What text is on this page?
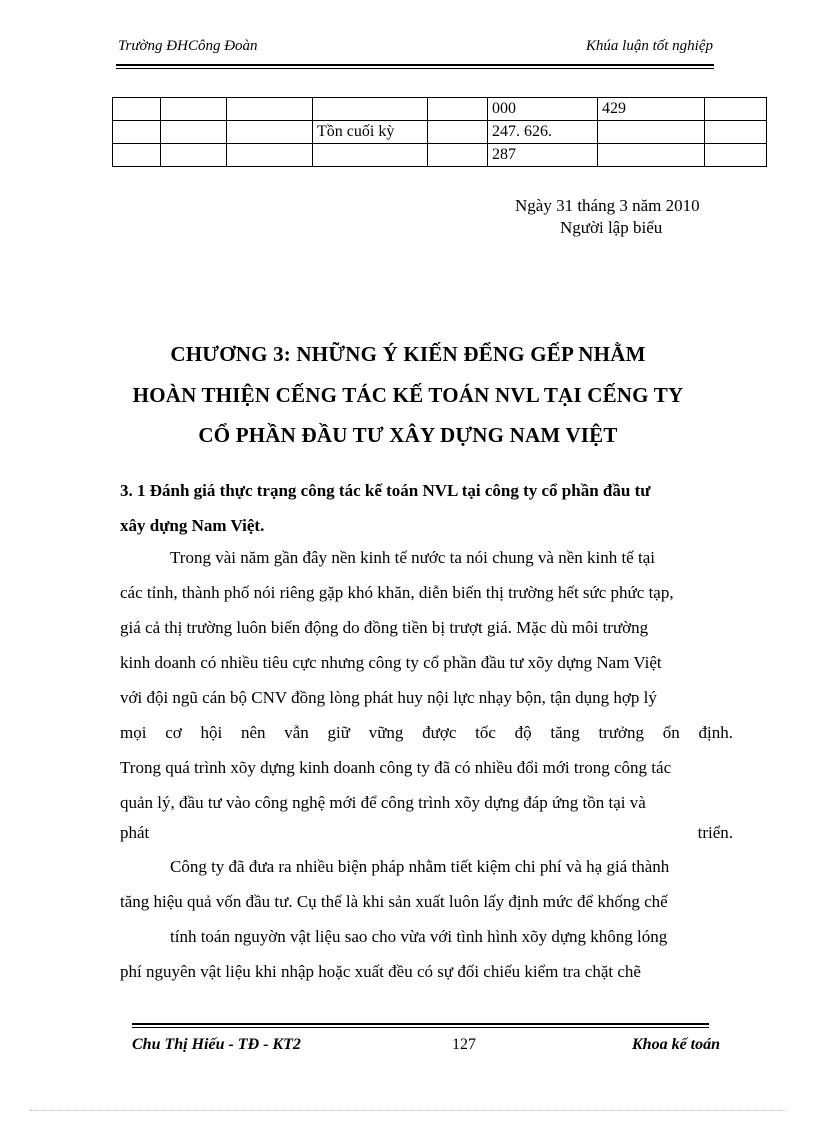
Trường ĐHCông Đoàn	Khúa luận tốt nghiệp
					000	429	
			Tồn cuối kỳ		247. 626.		
					287		
Ngày 31 tháng 3 năm 2010
Người lập biểu
CHƯƠNG 3: NHỮNG Ý KIẾN ĐỂNG GẾP NHẰM
HOÀN THIỆN CẾNG TÁC KẾ TOÁN NVL TẠI CẾNG TY
CỔ PHẦN ĐẦU TƯ XÂY DỰNG NAM VIỆT
3. 1 Đánh giá thực trạng công tác kế toán NVL tại công ty cổ phần đầu tư
xây dựng Nam Việt.
Trong vài năm gần đây nền kinh tế nước ta nói chung và nền kinh tế tại
các tỉnh, thành phố nói riêng gặp khó khăn, diễn biến thị trường hết sức phức tạp,
giá cả thị trường luôn biến động do đồng tiền bị trượt giá. Mặc dù môi trường
kinh doanh có nhiều tiêu cực nhưng công ty cổ phần đầu tư xõy dựng Nam Việt
với đội ngũ cán bộ CNV đồng lòng phát huy nội lực nhạy bộn, tận dụng hợp lý
mọi cơ hội nên vẫn giữ vững được tốc độ tăng trưởng ổn định.
Trong quá trình xõy dựng kinh doanh công ty đã có nhiều đổi mới trong công tác
quản lý, đầu tư vào công nghệ mới để công trình xõy dựng đáp ứng tồn tại và
phát triển.
Công ty đã đưa ra nhiều biện pháp nhằm tiết kiệm chi phí và hạ giá thành
tăng hiệu quả vốn đầu tư. Cụ thể là khi sản xuất luôn lấy định mức để khống chế
tính toán nguyờn vật liệu sao cho vừa với tình hình xõy dựng không lóng
phí nguyên vật liệu khi nhập hoặc xuất đều có sự đối chiếu kiểm tra chặt chẽ
Chu Thị Hiếu - TĐ - KT2	127	Khoa kế toán
